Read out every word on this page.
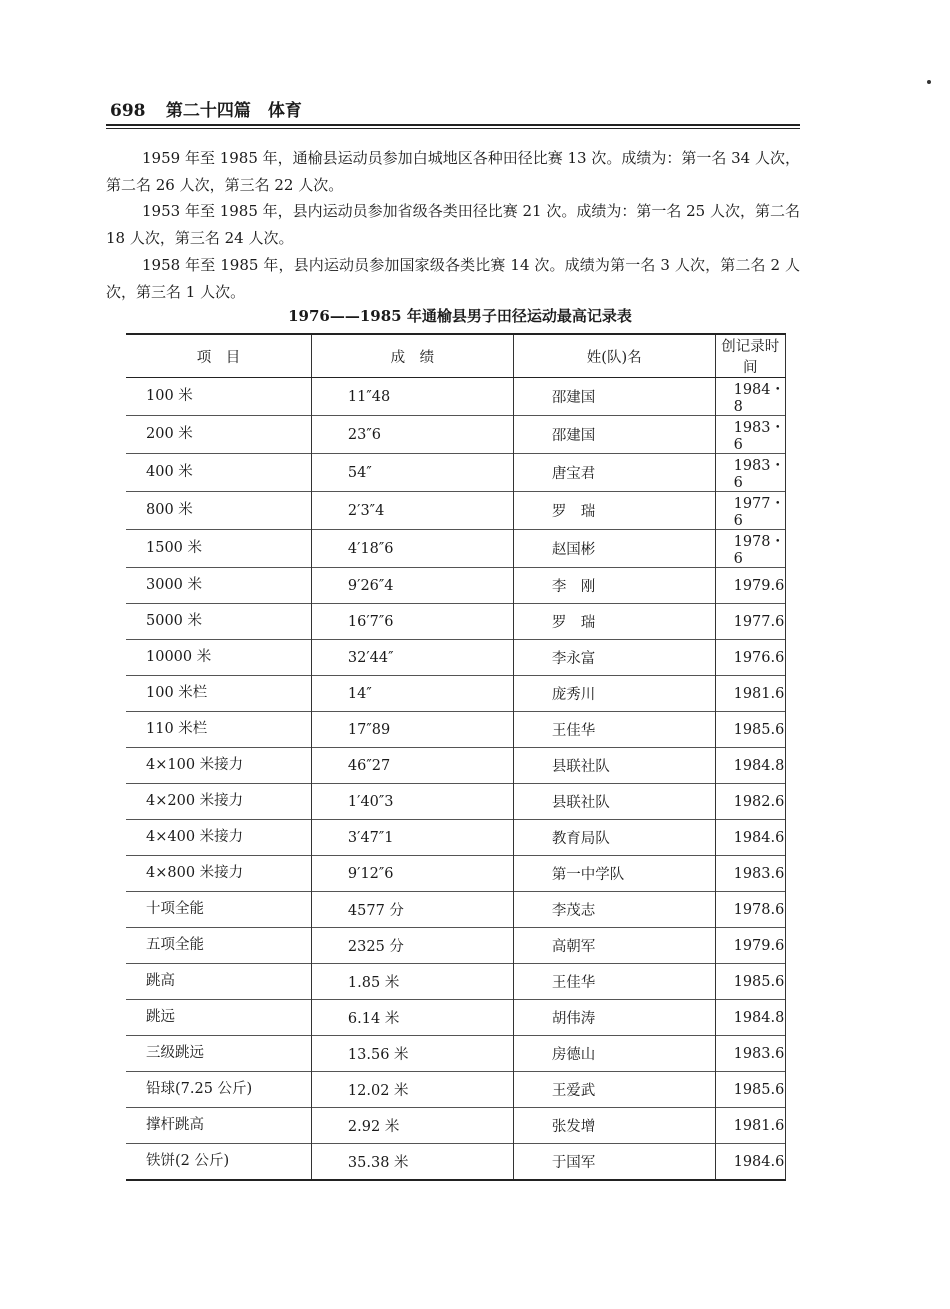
698 第二十四篇　体育
1959 年至 1985 年，通榆县运动员参加白城地区各种田径比赛 13 次。成绩为：第一名 34 人次，第二名 26 人次，第三名 22 人次。
1953 年至 1985 年，县内运动员参加省级各类田径比赛 21 次。成绩为：第一名 25 人次，第二名 18 人次，第三名 24 人次。
1958 年至 1985 年，县内运动员参加国家级各类比赛 14 次。成绩为第一名 3 人次，第二名 2 人次，第三名 1 人次。
1976——1985 年通榆县男子田径运动最高记录表
项　目	成　绩	姓(队)名	创记录时间
100 米	11″48	邵建国	1984・8
200 米	23″6	邵建国	1983・6
400 米	54″	唐宝君	1983・6
800 米	2′3″4	罗　瑞	1977・6
1500 米	4′18″6	赵国彬	1978・6
3000 米	9′26″4	李　刚	1979.6
5000 米	16′7″6	罗　瑞	1977.6
10000 米	32′44″	李永富	1976.6
100 米栏	14″	庞秀川	1981.6
110 米栏	17″89	王佳华	1985.6
4×100 米接力	46″27	县联社队	1984.8
4×200 米接力	1′40″3	县联社队	1982.6
4×400 米接力	3′47″1	教育局队	1984.6
4×800 米接力	9′12″6	第一中学队	1983.6
十项全能	4577 分	李茂志	1978.6
五项全能	2325 分	高朝军	1979.6
跳高	1.85 米	王佳华	1985.6
跳远	6.14 米	胡伟涛	1984.8
三级跳远	13.56 米	房德山	1983.6
铅球(7.25 公斤)	12.02 米	王爱武	1985.6
撑杆跳高	2.92 米	张发增	1981.6
铁饼(2 公斤)	35.38 米	于国军	1984.6
